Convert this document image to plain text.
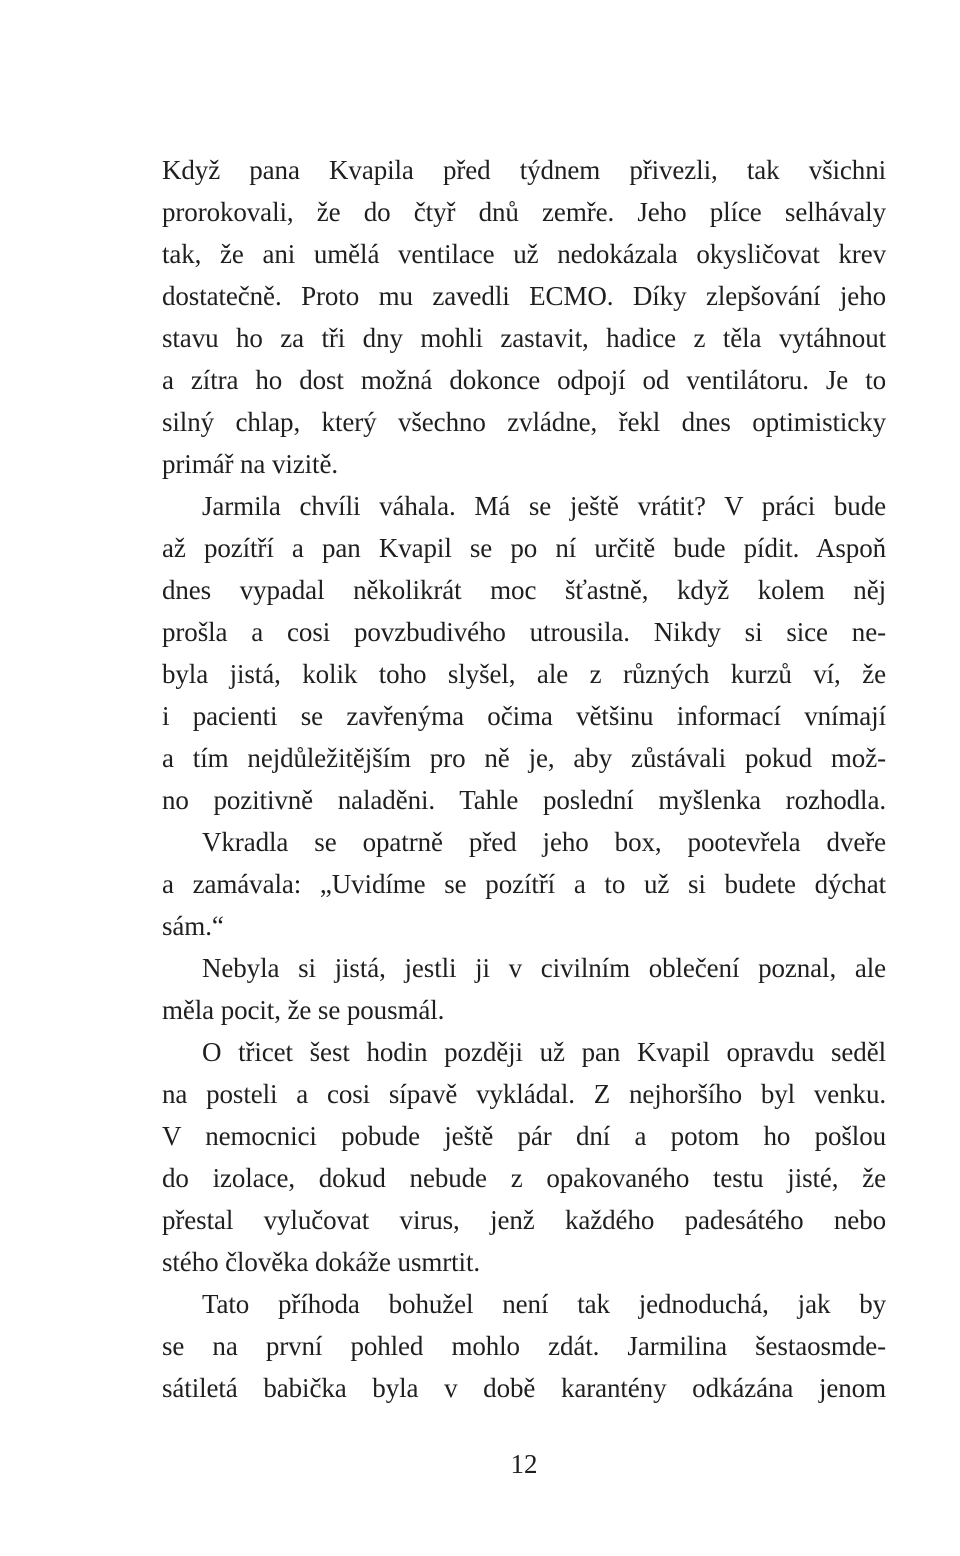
Když pana Kvapila před týdnem přivezli, tak všichni
prorokovali, že do čtyř dnů zemře. Jeho plíce selhávaly
tak, že ani umělá ventilace už nedokázala okysličovat krev
dostatečně. Proto mu zavedli ECMO. Díky zlepšování jeho
stavu ho za tři dny mohli zastavit, hadice z těla vytáhnout
a zítra ho dost možná dokonce odpojí od ventilátoru. Je to
silný chlap, který všechno zvládne, řekl dnes optimisticky
primář na vizitě.
Jarmila chvíli váhala. Má se ještě vrátit? V práci bude
až pozítří a pan Kvapil se po ní určitě bude pídit. Aspoň
dnes vypadal několikrát moc šťastně, když kolem něj
prošla a cosi povzbudivého utrousila. Nikdy si sice ne-
byla jistá, kolik toho slyšel, ale z různých kurzů ví, že
i pacienti se zavřenýma očima většinu informací vnímají
a tím nejdůležitějším pro ně je, aby zůstávali pokud mož-
no pozitivně naladěni. Tahle poslední myšlenka rozhodla.
Vkradla se opatrně před jeho box, pootevřela dveře
a zamávala: „Uvidíme se pozítří a to už si budete dýchat
sám.“
Nebyla si jistá, jestli ji v civilním oblečení poznal, ale
měla pocit, že se pousmál.
O třicet šest hodin později už pan Kvapil opravdu seděl
na posteli a cosi sípavě vykládal. Z nejhoršího byl venku.
V nemocnici pobude ještě pár dní a potom ho pošlou
do izolace, dokud nebude z opakovaného testu jisté, že
přestal vylučovat virus, jenž každého padesátého nebo
stého člověka dokáže usmrtit.
Tato příhoda bohužel není tak jednoduchá, jak by
se na první pohled mohlo zdát. Jarmilina šestaosmde-
sátiletá babička byla v době karantény odkázána jenom
12
